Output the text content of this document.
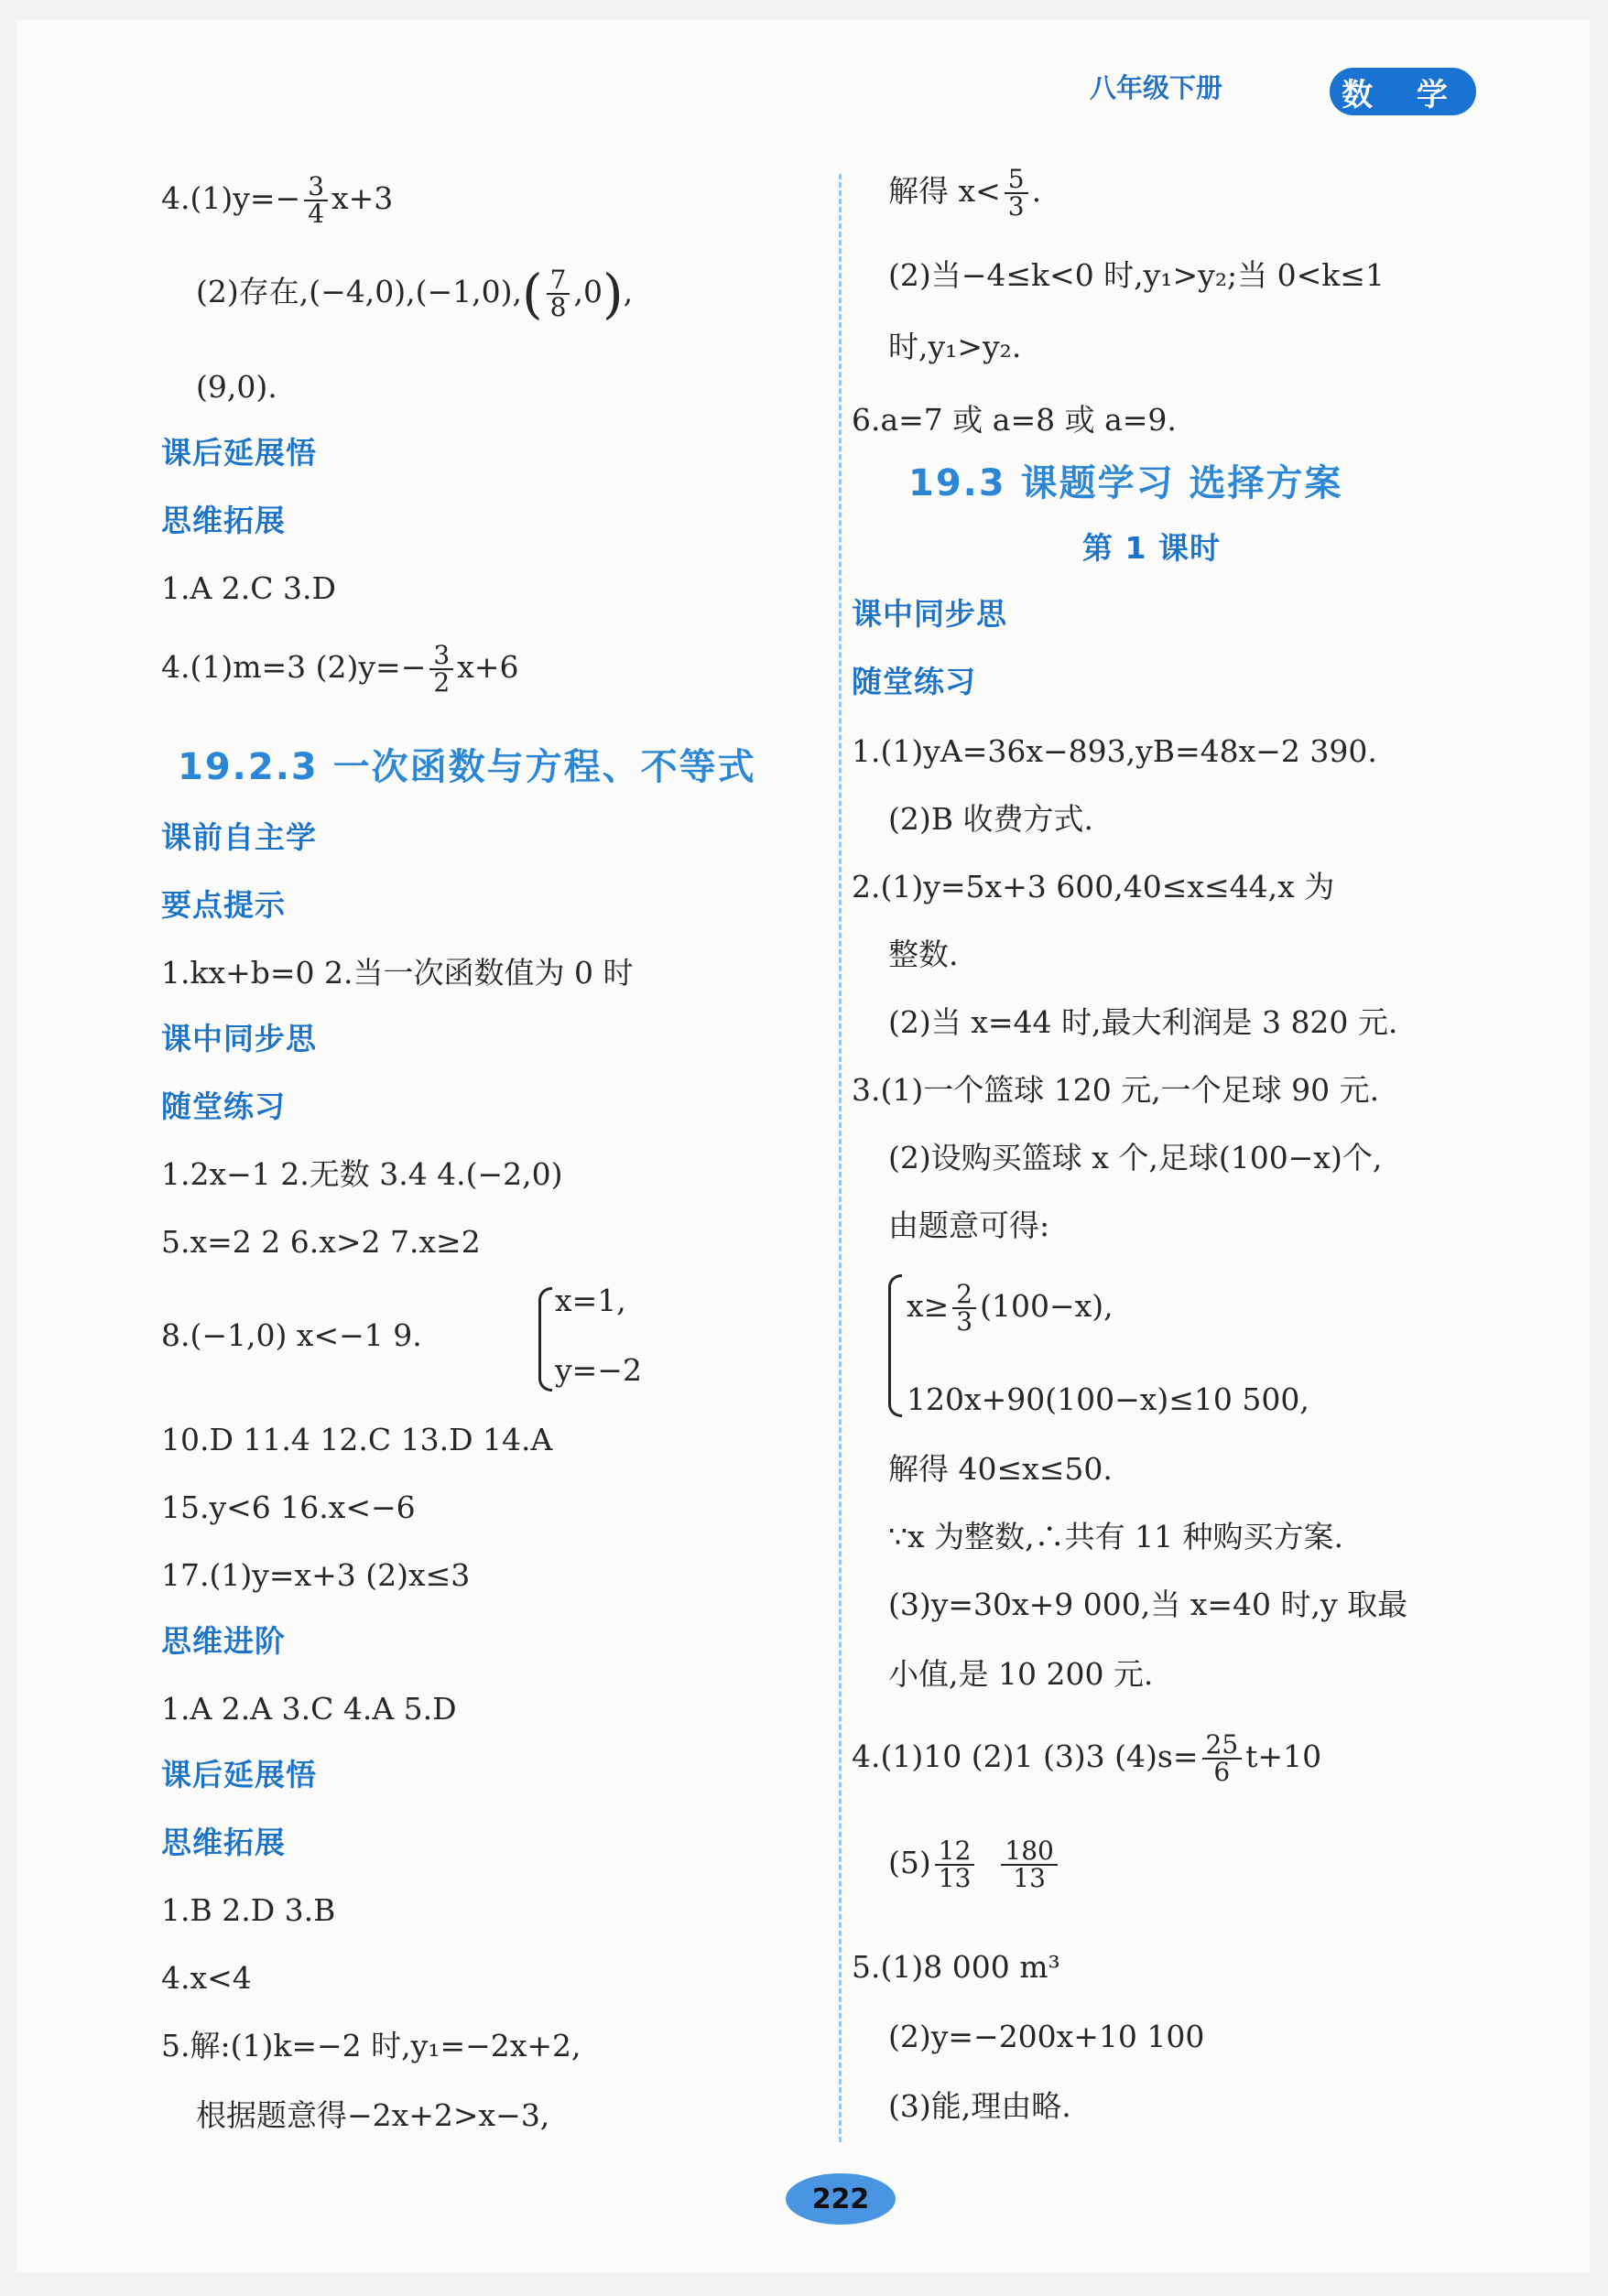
八年级下册	数 学
$4.(1)y=- \frac{3}{4} x+3$
(2)存在$,(-4,0),(-1,0),( \frac{7}{8} ,0)$,
(9,0).
课后延展悟
思维拓展
1.A 2.C 3.D
4.(1)m=3 $(2)y=- \frac{3}{2} x+6$
19.2.3 一次函数与方程、不等式
课前自主学
要点提示
1.kx+b=0 2.当一次函数值为 0 时
课中同步思
随堂练习
1.2x−1 2.无数 3.4 4.(−2,0)
5.x=2 2 6.x>2 7.x≥2
8.(−1,0) x<−1 9.
x=1,
y=−2
10.D 11.4 12.C 13.D 14.A
15.y<6 16.x<−6
17.(1)y=x+3 (2)x≤3
思维进阶
1.A 2.A 3.C 4.A 5.D
课后延展悟
思维拓展
1.B 2.D 3.B
4.x<4
5.解:(1)k=−2 时,y₁=−2x+2,
根据题意得−2x+2>x−3,
解得 $x< \frac{5}{3}$ .
(2)当−4≤k<0 时,y₁>y₂;当 0<k≤1
时,y₁>y₂.
6.a=7 或 a=8 或 a=9.
19.3 课题学习 选择方案
第 1 课时
课中同步思
随堂练习
1.(1)yA=36x−893,yB=48x−2 390.
(2)B 收费方式.
2.(1)y=5x+3 600,40≤x≤44,x 为
整数.
(2)当 x=44 时,最大利润是 3 820 元.
3.(1)一个篮球 120 元,一个足球 90 元.
(2)设购买篮球 x 个,足球(100−x)个,
由题意可得:
$x\ge \frac{2}{3} (100-x)$,
120x+90(100−x)≤10 500,
解得 40≤x≤50.
∵x 为整数,∴共有 11 种购买方案.
(3)y=30x+9 000,当 x=40 时,y 取最
小值,是 10 200 元.
4.(1)10 (2)1 (3)3 $(4)s= \frac{25}{6} t+10$
$(5) \frac{12}{13}$
$\frac{180}{13}$
5.(1)8 000 m³
(2)y=−200x+10 100
(3)能,理由略.
222
